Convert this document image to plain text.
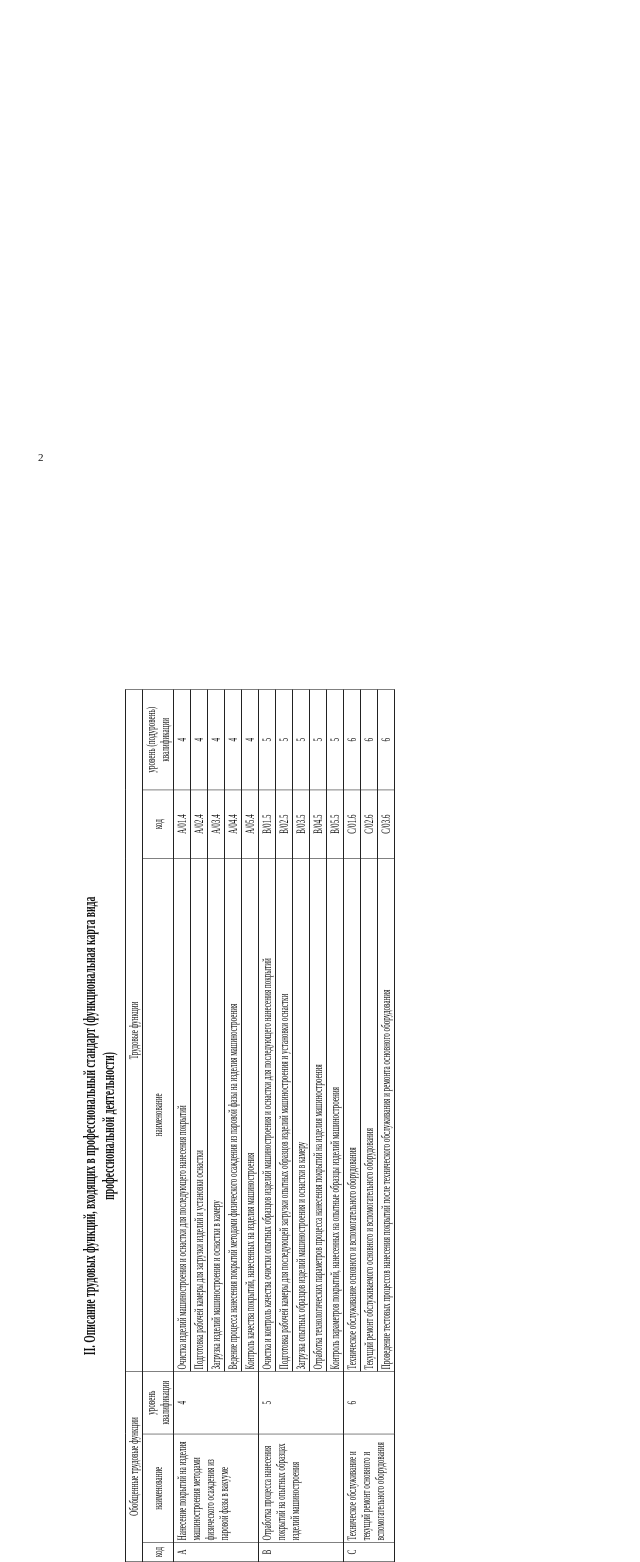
2
II. Описание трудовых функций, входящих в профессиональный стандарт (функциональная карта вида профессиональной деятельности)
Обобщенные трудовые функции			Трудовые функции		
код	наименование	уровень квалификации	наименование	код	уровень (подуровень) квалификации
A	Нанесение покрытий на изделия машиностроения методами физического осаждения из паровой фазы в вакууме	4	Очистка изделий машиностроения и оснастки для последующего нанесения покрытий	A/01.4	4
			Подготовка рабочей камеры для загрузки изделий и установки оснастки	A/02.4	4
			Загрузка изделий машиностроения и оснастки в камеру	A/03.4	4
			Ведение процесса нанесения покрытий методами физического осаждения из паровой фазы на изделия машиностроения	A/04.4	4
			Контроль качества покрытий, нанесенных на изделия машиностроения	A/05.4	4
B	Отработка процесса нанесения покрытий на опытных образцах изделий машиностроения	5	Очистка и контроль качества очистки опытных образцов изделий машиностроения и оснастки для последующего нанесения покрытий	B/01.5	5
			Подготовка рабочей камеры для последующей загрузки опытных образцов изделий машиностроения и установки оснастки	B/02.5	5
			Загрузка опытных образцов изделий машиностроения и оснастки в камеру	B/03.5	5
			Отработка технологических параметров процесса нанесения покрытий на изделия машиностроения	B/04.5	5
			Контроль параметров покрытий, нанесенных на опытные образцы изделий машиностроения	B/05.5	5
C	Техническое обслуживание и текущий ремонт основного и вспомогательного оборудования	6	Техническое обслуживание основного и вспомогательного оборудования	C/01.6	6
			Текущий ремонт обслуживаемого основного и вспомогательного оборудования	C/02.6	6
			Проведение тестовых процессов нанесения покрытий после технического обслуживания и ремонта основного оборудования	C/03.6	6
